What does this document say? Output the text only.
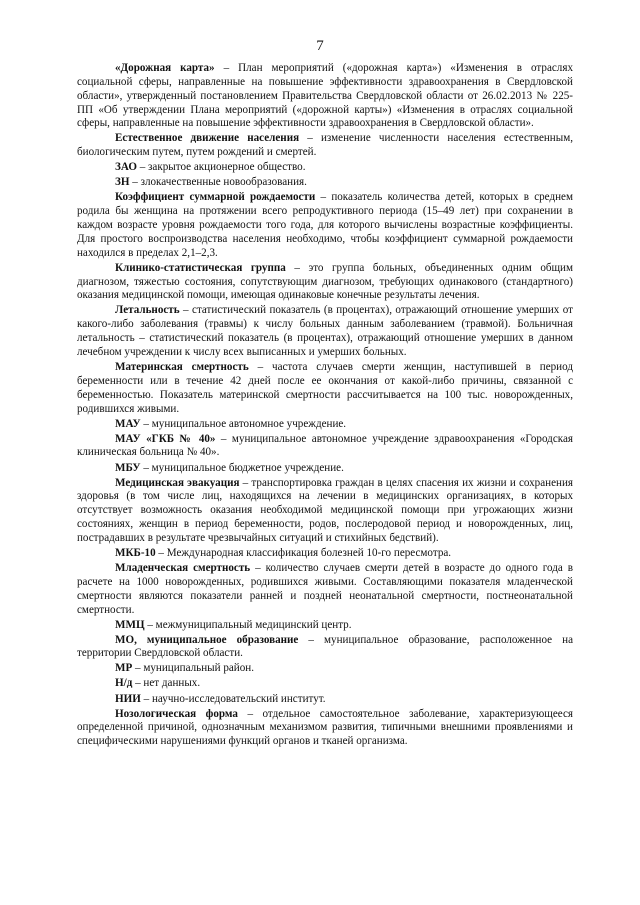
7

«Дорожная карта» – План мероприятий («дорожная карта») «Изменения в отраслях социальной сферы, направленные на повышение эффективности здравоохранения в Свердловской области», утвержденный постановлением Правительства Свердловской области от 26.02.2013 № 225-ПП «Об утверждении Плана мероприятий («дорожной карты») «Изменения в отраслях социальной сферы, направленные на повышение эффективности здравоохранения в Свердловской области».

Естественное движение населения – изменение численности населения естественным, биологическим путем, путем рождений и смертей.

ЗАО – закрытое акционерное общество.

ЗН – злокачественные новообразования.

Коэффициент суммарной рождаемости – показатель количества детей, которых в среднем родила бы женщина на протяжении всего репродуктивного периода (15–49 лет) при сохранении в каждом возрасте уровня рождаемости того года, для которого вычислены возрастные коэффициенты. Для простого воспроизводства населения необходимо, чтобы коэффициент суммарной рождаемости находился в пределах 2,1–2,3.

Клинико-статистическая группа – это группа больных, объединенных одним общим диагнозом, тяжестью состояния, сопутствующим диагнозом, требующих одинакового (стандартного) оказания медицинской помощи, имеющая одинаковые конечные результаты лечения.

Летальность – статистический показатель (в процентах), отражающий отношение умерших от какого-либо заболевания (травмы) к числу больных данным заболеванием (травмой). Больничная летальность – статистический показатель (в процентах), отражающий отношение умерших в данном лечебном учреждении к числу всех выписанных и умерших больных.

Материнская смертность – частота случаев смерти женщин, наступившей в период беременности или в течение 42 дней после ее окончания от какой-либо причины, связанной с беременностью. Показатель материнской смертности рассчитывается на 100 тыс. новорожденных, родившихся живыми.

МАУ – муниципальное автономное учреждение.

МАУ «ГКБ № 40» – муниципальное автономное учреждение здравоохранения «Городская клиническая больница № 40».

МБУ – муниципальное бюджетное учреждение.

Медицинская эвакуация – транспортировка граждан в целях спасения их жизни и сохранения здоровья (в том числе лиц, находящихся на лечении в медицинских организациях, в которых отсутствует возможность оказания необходимой медицинской помощи при угрожающих жизни состояниях, женщин в период беременности, родов, послеродовой период и новорожденных, лиц, пострадавших в результате чрезвычайных ситуаций и стихийных бедствий).

МКБ-10 – Международная классификация болезней 10-го пересмотра.

Младенческая смертность – количество случаев смерти детей в возрасте до одного года в расчете на 1000 новорожденных, родившихся живыми. Составляющими показателя младенческой смертности являются показатели ранней и поздней неонатальной смертности, постнеонатальной смертности.

ММЦ – межмуниципальный медицинский центр.

МО, муниципальное образование – муниципальное образование, расположенное на территории Свердловской области.

МР – муниципальный район.

Н/д – нет данных.

НИИ – научно-исследовательский институт.

Нозологическая форма – отдельное самостоятельное заболевание, характеризующееся определенной причиной, однозначным механизмом развития, типичными внешними проявлениями и специфическими нарушениями функций органов и тканей организма.
